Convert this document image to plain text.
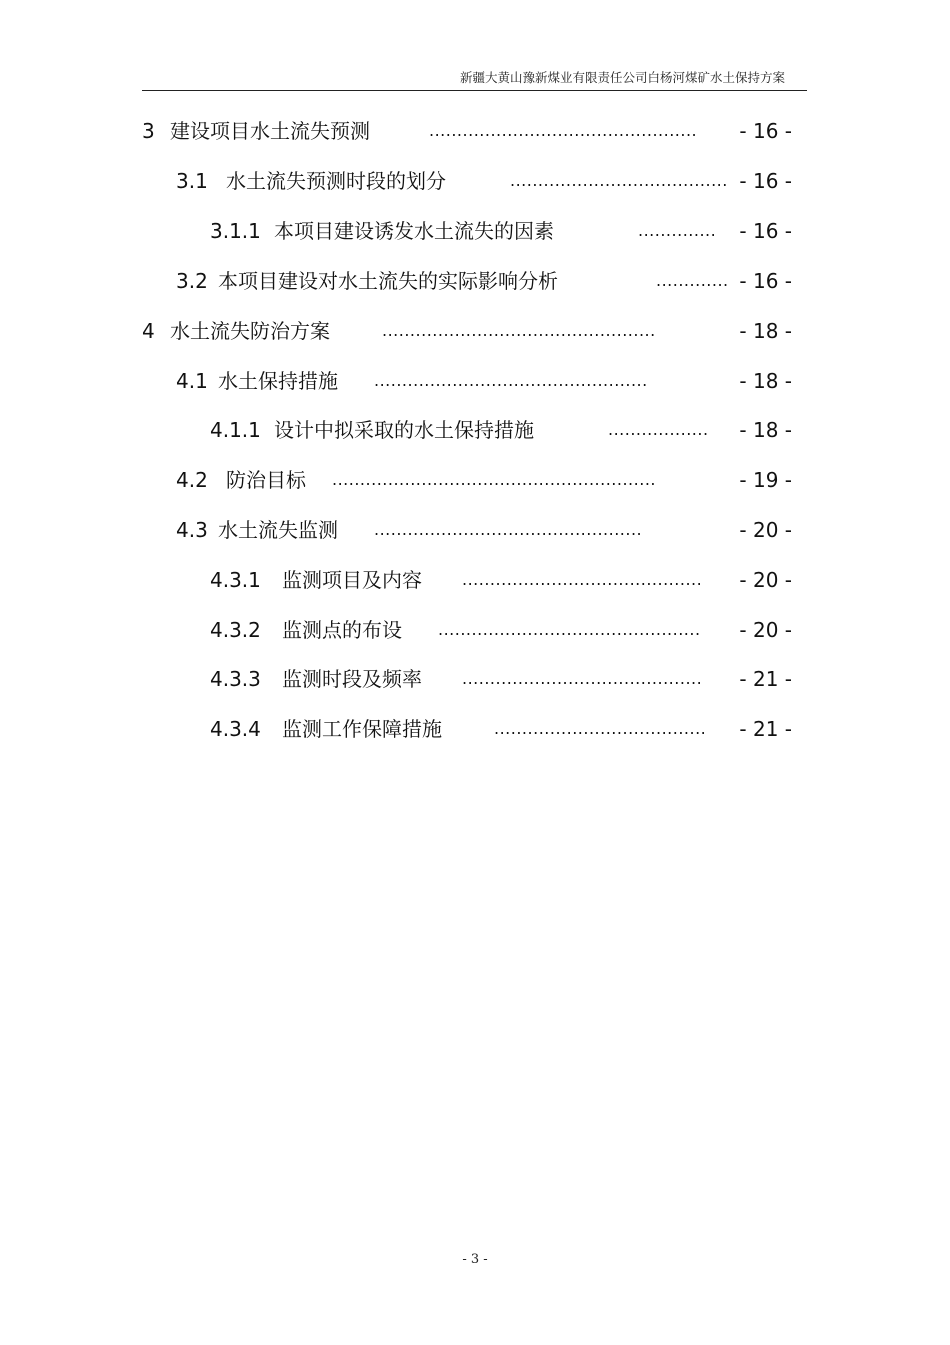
新疆大黄山豫新煤业有限责任公司白杨河煤矿水土保持方案
3 建设项目水土流失预测	................................................	- 16 -
3.1 水土流失预测时段的划分	....................................... - 16 -
3.1.1 本项目建设诱发水土流失的因素	..............	- 16 -
3.2 本项目建设对水土流失的实际影响分析	............. - 16 -
4 水土流失防治方案	.................................................	- 18 -
4.1 水土保持措施 .................................................	- 18 -
4.1.1 设计中拟采取的水土保持措施	..................	- 18 -
4.2 防治目标 ..........................................................	- 19 -
4.3 水土流失监测 ................................................	- 20 -
4.3.1	监测项目及内容	...........................................	- 20 -
4.3.2	监测点的布设 ...............................................	- 20 -
4.3.3	监测时段及频率	...........................................	- 21 -
4.3.4	监测工作保障措施	......................................	- 21 -
- 3 -
